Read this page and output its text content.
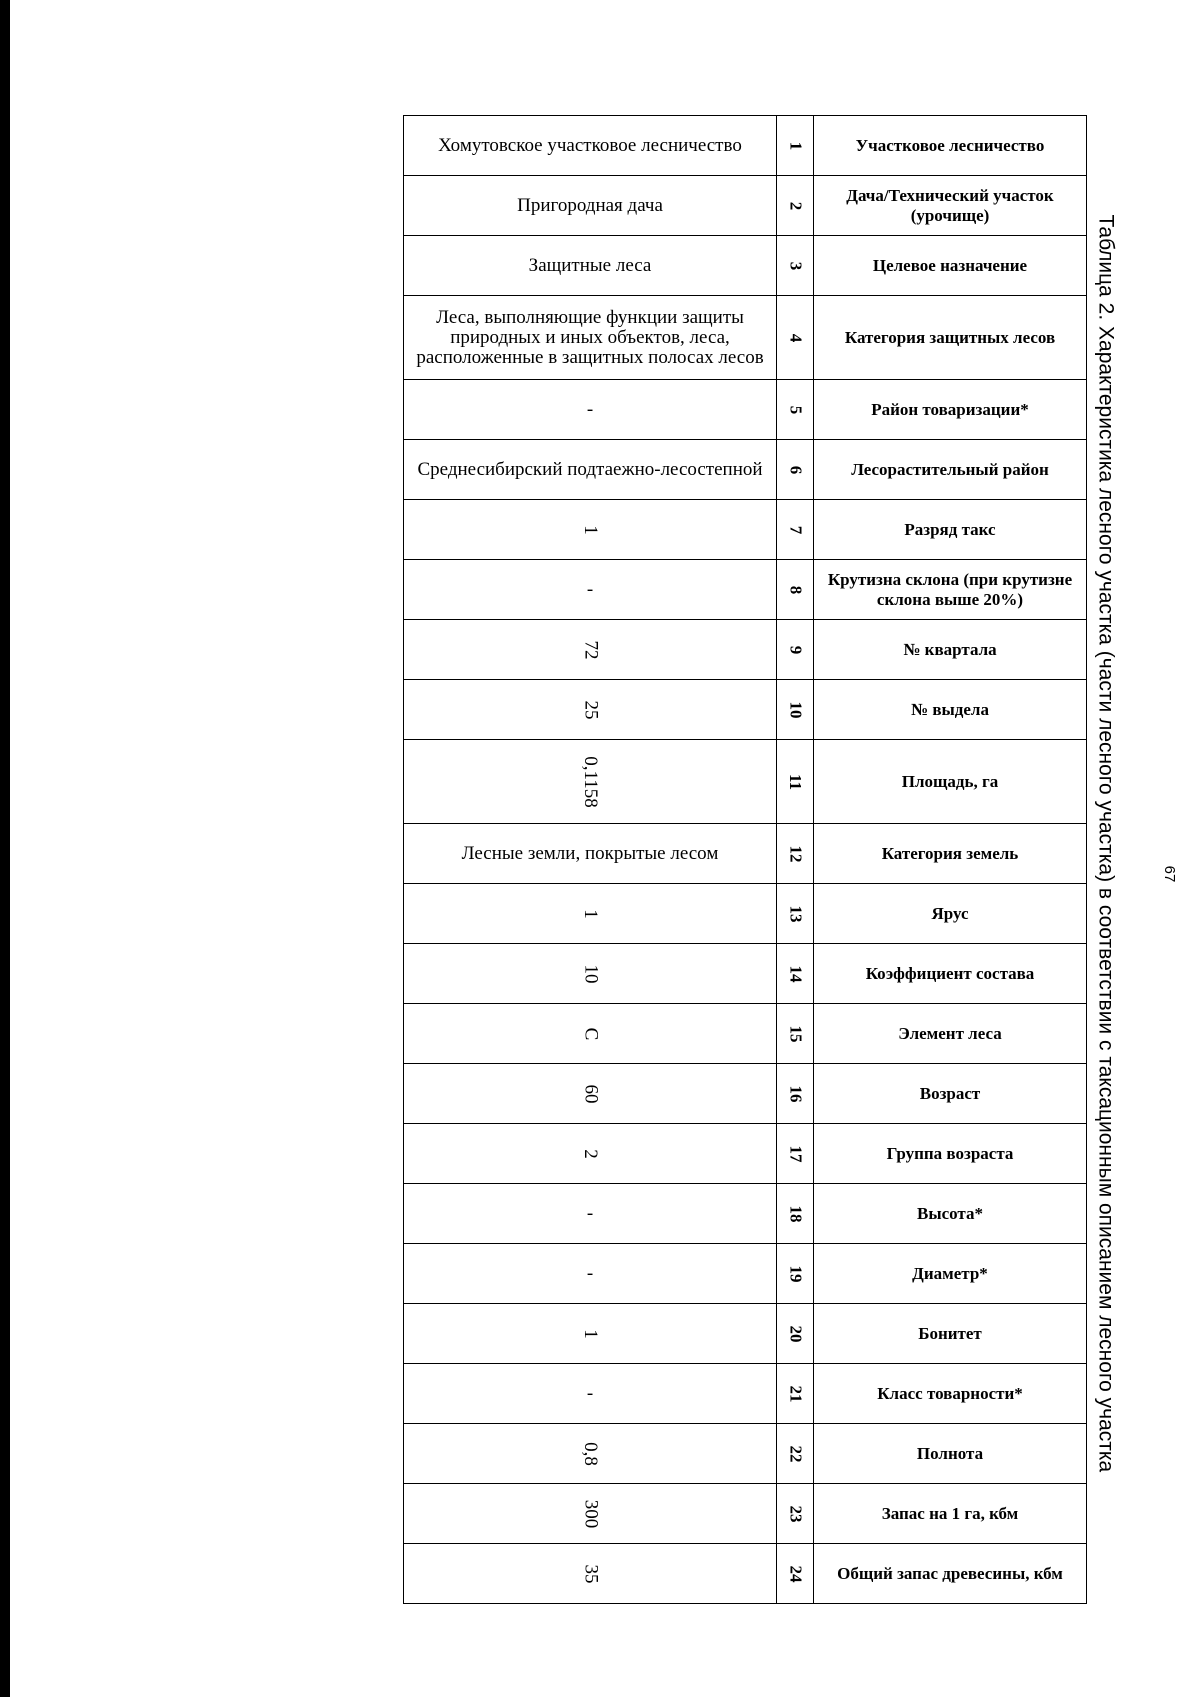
67
Таблица 2. Характеристика лесного участка (части лесного участка) в соответствии с таксационным описанием лесного участка
Хомутовское участковое лесничество	1	Участковое лесничество
Пригородная дача	2	Дача/Технический участок (урочище)
Защитные леса	3	Целевое назначение
Леса, выполняющие функции защиты природных и иных объектов, леса, расположенные в защитных полосах лесов	4	Категория защитных лесов
-	5	Район товаризации*
Среднесибирский подтаежно-лесостепной	6	Лесорастительный район
1	7	Разряд такс
-	8	Крутизна склона (при крутизне склона выше 20%)
72	9	№ квартала
25	10	№ выдела
0,1158	11	Площадь, га
Лесные земли, покрытые лесом	12	Категория земель
1	13	Ярус
10	14	Коэффициент состава
С	15	Элемент леса
60	16	Возраст
2	17	Группа возраста
-	18	Высота*
-	19	Диаметр*
1	20	Бонитет
-	21	Класс товарности*
0,8	22	Полнота
300	23	Запас на 1 га, кбм
35	24	Общий запас древесины, кбм
